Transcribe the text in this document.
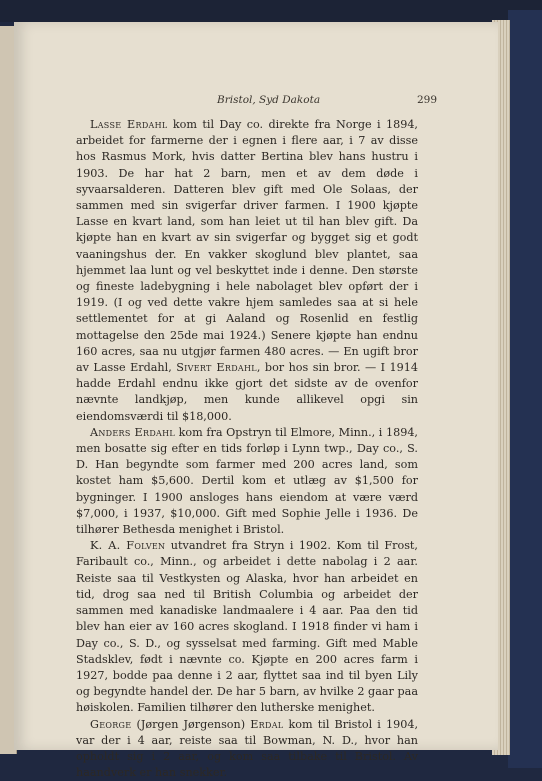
Bristol, Syd Dakota	299

Lasse Erdahl kom til Day co. direkte fra Norge i 1894, arbeidet for farmerne der i egnen i flere aar, i 7 av disse hos Rasmus Mork, hvis datter Bertina blev hans hustru i 1903. De har hat 2 barn, men et av dem døde i syvaarsalderen. Datteren blev gift med Ole Solaas, der sammen med sin svigerfar driver farmen. I 1900 kjøpte Lasse en kvart land, som han leiet ut til han blev gift. Da kjøpte han en kvart av sin svigerfar og bygget sig et godt vaaningshus der. En vakker skoglund blev plantet, saa hjemmet laa lunt og vel beskyttet inde i denne. Den største og fineste ladebygning i hele nabolaget blev opført der i 1919. (I og ved dette vakre hjem samledes saa at si hele settlementet for at gi Aaland og Rosenlid en festlig mottagelse den 25de mai 1924.) Senere kjøpte han endnu 160 acres, saa nu utgjør farmen 480 acres. — En ugift bror av Lasse Erdahl, Sivert Erdahl, bor hos sin bror. — I 1914 hadde Erdahl endnu ikke gjort det sidste av de ovenfor nævnte landkjøp, men kunde allikevel opgi sin eiendomsværdi til $18,000.

Anders Erdahl kom fra Opstryn til Elmore, Minn., i 1894, men bosatte sig efter en tids forløp i Lynn twp., Day co., S. D. Han begyndte som farmer med 200 acres land, som kostet ham $5,600. Dertil kom et utlæg av $1,500 for bygninger. I 1900 ansloges hans eiendom at være værd $7,000, i 1937, $10,000. Gift med Sophie Jelle i 1936. De tilhører Bethesda menighet i Bristol.

K. A. Folven utvandret fra Stryn i 1902. Kom til Frost, Faribault co., Minn., og arbeidet i dette nabolag i 2 aar. Reiste saa til Vestkysten og Alaska, hvor han arbeidet en tid, drog saa ned til British Columbia og arbeidet der sammen med kanadiske landmaalere i 4 aar. Paa den tid blev han eier av 160 acres skogland. I 1918 finder vi ham i Day co., S. D., og sysselsat med farming. Gift med Mable Stadsklev, født i nævnte co. Kjøpte en 200 acres farm i 1927, bodde paa denne i 2 aar, flyttet saa ind til byen Lily og begyndte handel der. De har 5 barn, av hvilke 2 gaar paa høiskolen. Familien tilhører den lutherske menighet.

George (Jørgen Jørgenson) Erdal kom til Bristol i 1904, var der i 4 aar, reiste saa til Bowman, N. D., hvor han opholdt sig i 2 aar, og kom saa tilbake til Bristol. Av haandverk er han snekker.
